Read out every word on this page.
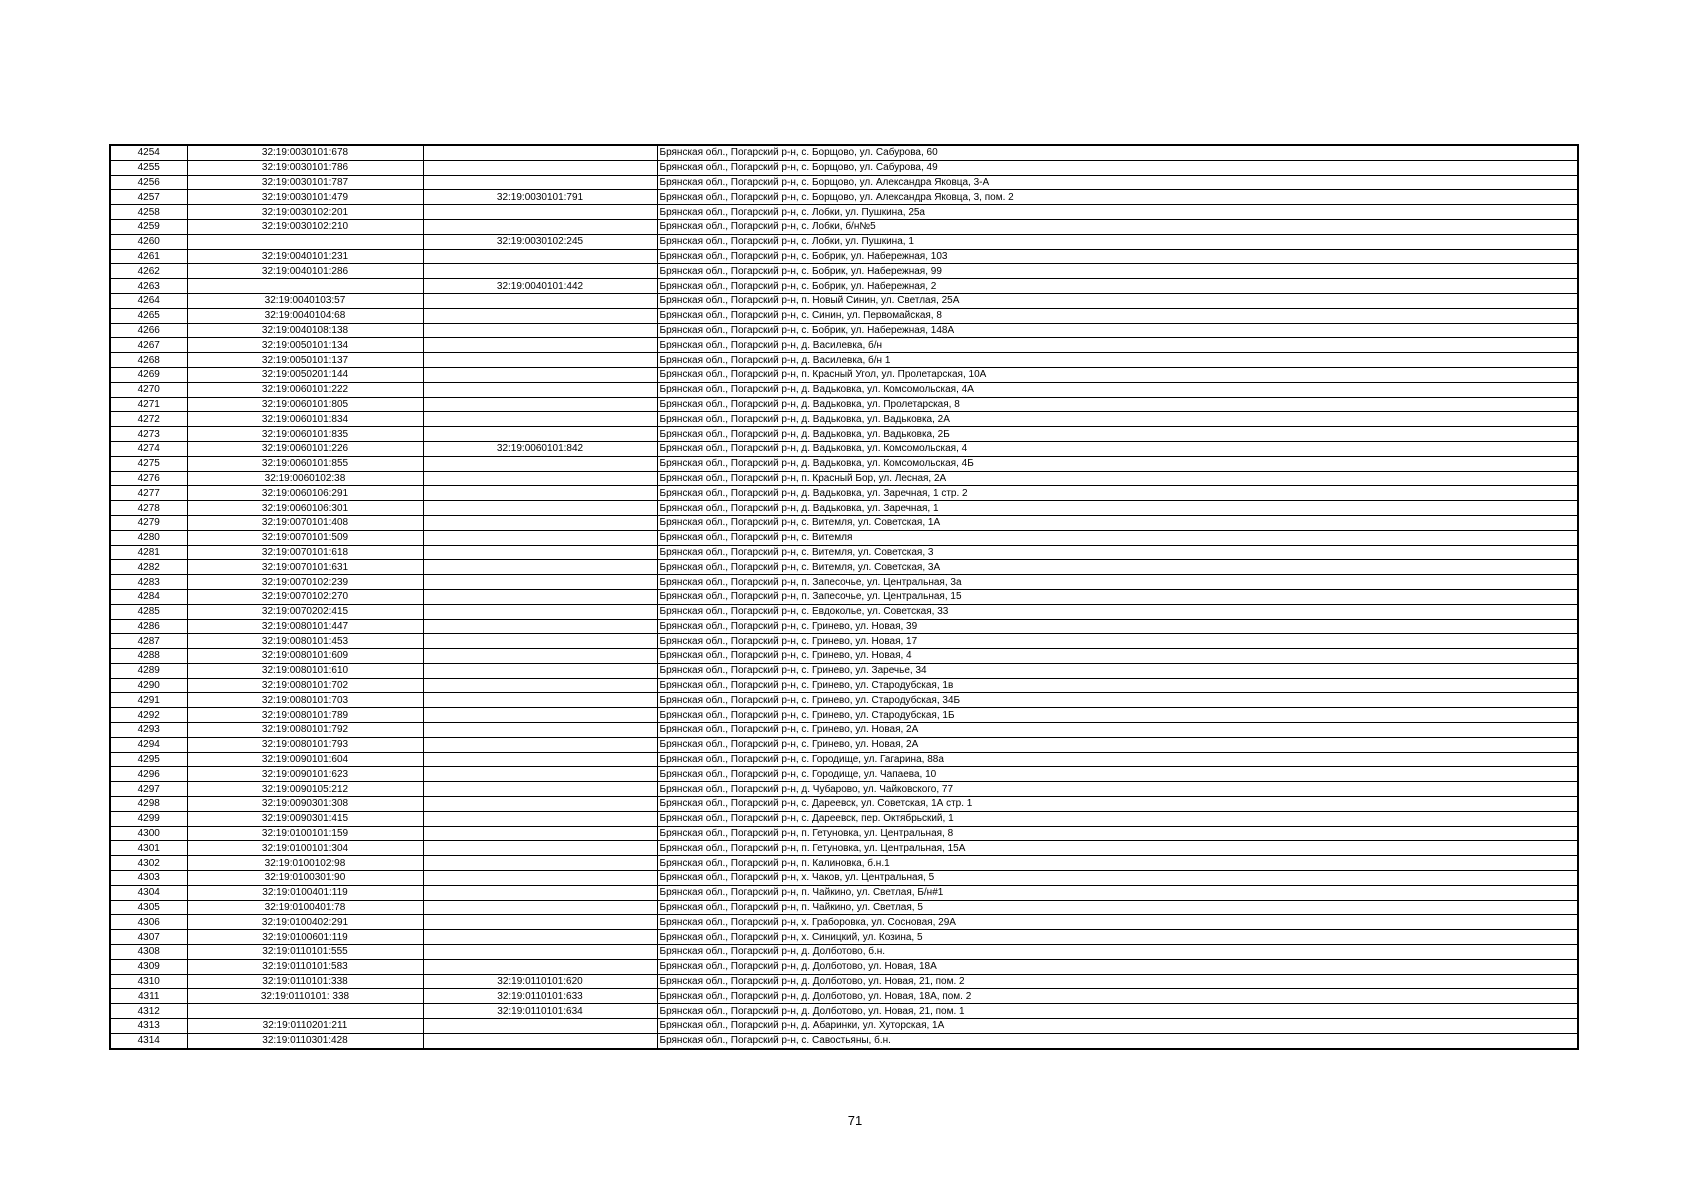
4254	32:19:0030101:678		Брянская обл., Погарский р-н, с. Борщово, ул. Сабурова, 60
4255	32:19:0030101:786		Брянская обл., Погарский р-н, с. Борщово, ул. Сабурова, 49
4256	32:19:0030101:787		Брянская обл., Погарский р-н, с. Борщово, ул. Александра Яковца, 3-А
4257	32:19:0030101:479	32:19:0030101:791	Брянская обл., Погарский р-н, с. Борщово, ул. Александра Яковца, 3, пом. 2
4258	32:19:0030102:201		Брянская обл., Погарский р-н, с. Лобки, ул. Пушкина, 25а
4259	32:19:0030102:210		Брянская обл., Погарский р-н, с. Лобки, б/н№5
4260		32:19:0030102:245	Брянская обл., Погарский р-н, с. Лобки, ул. Пушкина, 1
4261	32:19:0040101:231		Брянская обл., Погарский р-н, с. Бобрик, ул. Набережная, 103
4262	32:19:0040101:286		Брянская обл., Погарский р-н, с. Бобрик, ул. Набережная, 99
4263		32:19:0040101:442	Брянская обл., Погарский р-н, с. Бобрик, ул. Набережная, 2
4264	32:19:0040103:57		Брянская обл., Погарский р-н, п. Новый Синин, ул. Светлая, 25А
4265	32:19:0040104:68		Брянская обл., Погарский р-н, с. Синин, ул. Первомайская, 8
4266	32:19:0040108:138		Брянская обл., Погарский р-н, с. Бобрик, ул. Набережная, 148А
4267	32:19:0050101:134		Брянская обл., Погарский р-н, д. Василевка, б/н
4268	32:19:0050101:137		Брянская обл., Погарский р-н, д. Василевка, б/н 1
4269	32:19:0050201:144		Брянская обл., Погарский р-н, п. Красный Угол, ул. Пролетарская, 10А
4270	32:19:0060101:222		Брянская обл., Погарский р-н, д. Вадьковка, ул. Комсомольская, 4А
4271	32:19:0060101:805		Брянская обл., Погарский р-н, д. Вадьковка, ул. Пролетарская, 8
4272	32:19:0060101:834		Брянская обл., Погарский р-н, д. Вадьковка, ул. Вадьковка, 2А
4273	32:19:0060101:835		Брянская обл., Погарский р-н, д. Вадьковка, ул. Вадьковка, 2Б
4274	32:19:0060101:226	32:19:0060101:842	Брянская обл., Погарский р-н, д. Вадьковка, ул. Комсомольская, 4
4275	32:19:0060101:855		Брянская обл., Погарский р-н, д. Вадьковка, ул. Комсомольская, 4Б
4276	32:19:0060102:38		Брянская обл., Погарский р-н, п. Красный Бор, ул. Лесная, 2А
4277	32:19:0060106:291		Брянская обл., Погарский р-н, д. Вадьковка, ул. Заречная, 1 стр. 2
4278	32:19:0060106:301		Брянская обл., Погарский р-н, д. Вадьковка, ул. Заречная, 1
4279	32:19:0070101:408		Брянская обл., Погарский р-н, с. Витемля, ул. Советская, 1А
4280	32:19:0070101:509		Брянская обл., Погарский р-н, с. Витемля
4281	32:19:0070101:618		Брянская обл., Погарский р-н, с. Витемля, ул. Советская, 3
4282	32:19:0070101:631		Брянская обл., Погарский р-н, с. Витемля, ул. Советская, 3А
4283	32:19:0070102:239		Брянская обл., Погарский р-н, п. Запесочье, ул. Центральная, 3а
4284	32:19:0070102:270		Брянская обл., Погарский р-н, п. Запесочье, ул. Центральная, 15
4285	32:19:0070202:415		Брянская обл., Погарский р-н, с. Евдоколье, ул. Советская, 33
4286	32:19:0080101:447		Брянская обл., Погарский р-н, с. Гринево, ул. Новая, 39
4287	32:19:0080101:453		Брянская обл., Погарский р-н, с. Гринево, ул. Новая, 17
4288	32:19:0080101:609		Брянская обл., Погарский р-н, с. Гринево, ул. Новая, 4
4289	32:19:0080101:610		Брянская обл., Погарский р-н, с. Гринево, ул. Заречье, 34
4290	32:19:0080101:702		Брянская обл., Погарский р-н, с. Гринево, ул. Стародубская, 1в
4291	32:19:0080101:703		Брянская обл., Погарский р-н, с. Гринево, ул. Стародубская, 34Б
4292	32:19:0080101:789		Брянская обл., Погарский р-н, с. Гринево, ул. Стародубская, 1Б
4293	32:19:0080101:792		Брянская обл., Погарский р-н, с. Гринево, ул. Новая, 2А
4294	32:19:0080101:793		Брянская обл., Погарский р-н, с. Гринево, ул. Новая, 2А
4295	32:19:0090101:604		Брянская обл., Погарский р-н, с. Городище, ул. Гагарина, 88а
4296	32:19:0090101:623		Брянская обл., Погарский р-н, с. Городище, ул. Чапаева, 10
4297	32:19:0090105:212		Брянская обл., Погарский р-н, д. Чубарово, ул. Чайковского, 77
4298	32:19:0090301:308		Брянская обл., Погарский р-н, с. Дареевск, ул. Советская, 1А стр. 1
4299	32:19:0090301:415		Брянская обл., Погарский р-н, с. Дареевск, пер. Октябрьский, 1
4300	32:19:0100101:159		Брянская обл., Погарский р-н, п. Гетуновка, ул. Центральная, 8
4301	32:19:0100101:304		Брянская обл., Погарский р-н, п. Гетуновка, ул. Центральная, 15А
4302	32:19:0100102:98		Брянская обл., Погарский р-н, п. Калиновка, б.н.1
4303	32:19:0100301:90		Брянская обл., Погарский р-н, х. Чаков, ул. Центральная, 5
4304	32:19:0100401:119		Брянская обл., Погарский р-н, п. Чайкино, ул. Светлая, Б/н#1
4305	32:19:0100401:78		Брянская обл., Погарский р-н, п. Чайкино, ул. Светлая, 5
4306	32:19:0100402:291		Брянская обл., Погарский р-н, х. Граборовка, ул. Сосновая, 29А
4307	32:19:0100601:119		Брянская обл., Погарский р-н, х. Синицкий, ул. Козина, 5
4308	32:19:0110101:555		Брянская обл., Погарский р-н, д. Долботово, б.н.
4309	32:19:0110101:583		Брянская обл., Погарский р-н, д. Долботово, ул. Новая, 18А
4310	32:19:0110101:338	32:19:0110101:620	Брянская обл., Погарский р-н, д. Долботово, ул. Новая, 21, пом. 2
4311	32:19:0110101: 338	32:19:0110101:633	Брянская обл., Погарский р-н, д. Долботово, ул. Новая, 18А, пом. 2
4312		32:19:0110101:634	Брянская обл., Погарский р-н, д. Долботово, ул. Новая, 21, пом. 1
4313	32:19:0110201:211		Брянская обл., Погарский р-н, д. Абаринки, ул. Хуторская, 1А
4314	32:19:0110301:428		Брянская обл., Погарский р-н, с. Савостьяны, б.н.
71
